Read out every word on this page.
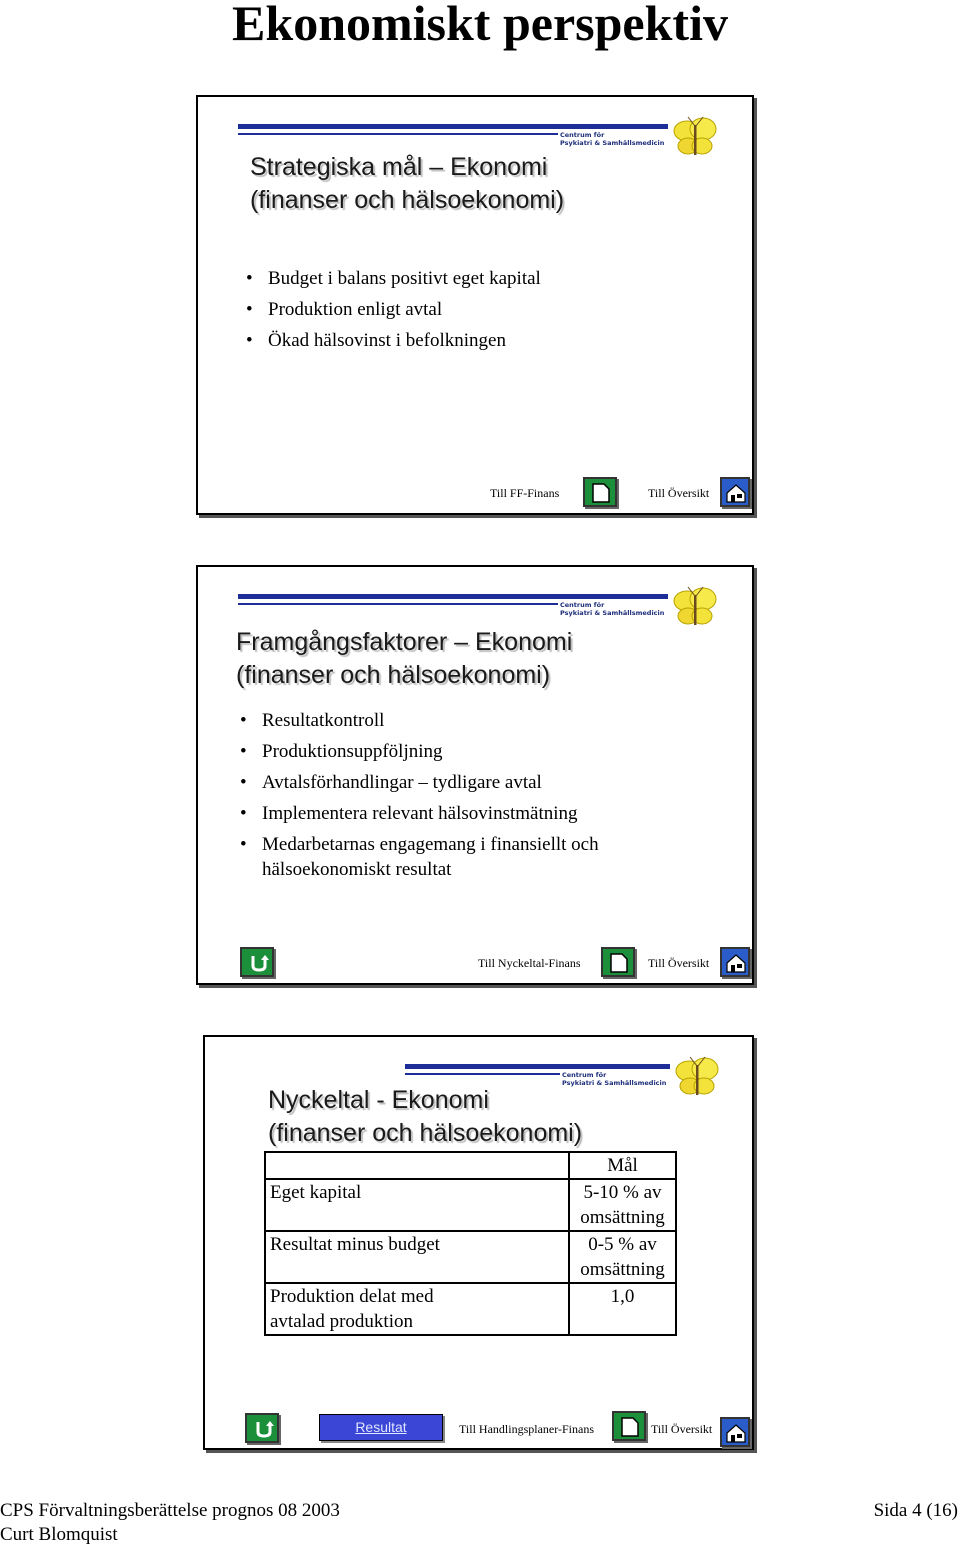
Ekonomiskt perspektiv
Centrum för
Psykiatri & Samhällsmedicin
Strategiska mål – Ekonomi
(finanser och hälsoekonomi)
• Budget i balans positivt eget kapital
• Produktion enligt avtal
• Ökad hälsovinst i befolkningen
Till FF-Finans	Till Översikt
Centrum för
Psykiatri & Samhällsmedicin
Framgångsfaktorer – Ekonomi
(finanser och hälsoekonomi)
• Resultatkontroll
• Produktionsuppföljning
• Avtalsförhandlingar – tydligare avtal
• Implementera relevant hälsovinstmätning
• Medarbetarnas engagemang i finansiellt och hälsoekonomiskt resultat
Till Nyckeltal-Finans	Till Översikt
Centrum för
Psykiatri & Samhällsmedicin
Nyckeltal - Ekonomi
(finanser och hälsoekonomi)
	Mål
Eget kapital	5-10 % av omsättning
Resultat minus budget	0-5 % av omsättning
Produktion delat med avtalad produktion	1,0
Resultat	Till Handlingsplaner-Finans	Till Översikt
CPS Förvaltningsberättelse prognos 08 2003
Curt Blomquist
Sida 4 (16)
